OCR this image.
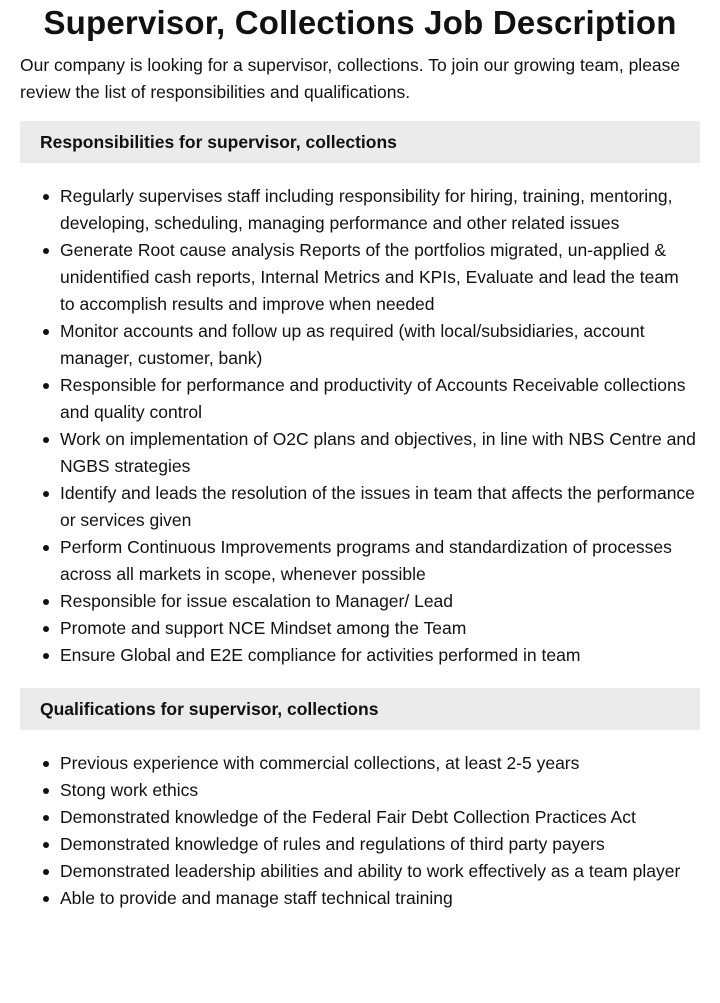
Supervisor, Collections Job Description

Our company is looking for a supervisor, collections. To join our growing team, please review the list of responsibilities and qualifications.

Responsibilities for supervisor, collections
Regularly supervises staff including responsibility for hiring, training, mentoring, developing, scheduling, managing performance and other related issues
Generate Root cause analysis Reports of the portfolios migrated, un-applied & unidentified cash reports, Internal Metrics and KPIs, Evaluate and lead the team to accomplish results and improve when needed
Monitor accounts and follow up as required (with local/subsidiaries, account manager, customer, bank)
Responsible for performance and productivity of Accounts Receivable collections and quality control
Work on implementation of O2C plans and objectives, in line with NBS Centre and NGBS strategies
Identify and leads the resolution of the issues in team that affects the performance or services given
Perform Continuous Improvements programs and standardization of processes across all markets in scope, whenever possible
Responsible for issue escalation to Manager/ Lead
Promote and support NCE Mindset among the Team
Ensure Global and E2E compliance for activities performed in team
Qualifications for supervisor, collections
Previous experience with commercial collections, at least 2-5 years
Stong work ethics
Demonstrated knowledge of the Federal Fair Debt Collection Practices Act
Demonstrated knowledge of rules and regulations of third party payers
Demonstrated leadership abilities and ability to work effectively as a team player
Able to provide and manage staff technical training
